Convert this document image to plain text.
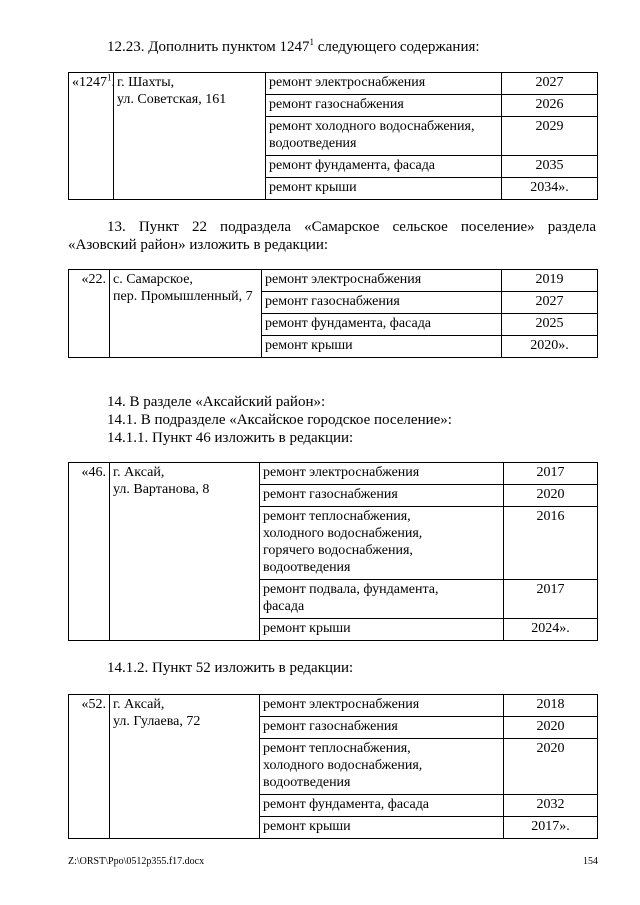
12.23. Дополнить пунктом 1247$^1$ следующего содержания:

«1247$^1$.	г. Шахты,
ул. Советская, 161	ремонт электроснабжения	2027
		ремонт газоснабжения	2026
		ремонт холодного водоснабжения, водоотведения	2029
		ремонт фундамента, фасада	2035
		ремонт крыши	2034».

13. Пункт 22 подраздела «Самарское сельское поселение» раздела «Азовский район» изложить в редакции:

«22.	с. Самарское,
пер. Промышленный, 7	ремонт электроснабжения	2019
		ремонт газоснабжения	2027
		ремонт фундамента, фасада	2025
		ремонт крыши	2020».

14. В разделе «Аксайский район»:

14.1. В подразделе «Аксайское городское поселение»:

14.1.1. Пункт 46 изложить в редакции:

«46.	г. Аксай,
ул. Вартанова, 8	ремонт электроснабжения	2017
		ремонт газоснабжения	2020
		ремонт теплоснабжения, холодного водоснабжения, горячего водоснабжения, водоотведения	2016
		ремонт подвала, фундамента, фасада	2017
		ремонт крыши	2024».

14.1.2. Пункт 52 изложить в редакции:

«52.	г. Аксай,
ул. Гулаева, 72	ремонт электроснабжения	2018
		ремонт газоснабжения	2020
		ремонт теплоснабжения, холодного водоснабжения, водоотведения	2020
		ремонт фундамента, фасада	2032
		ремонт крыши	2017».
Z:\ORST\Ppo\0512p355.f17.docx	154
